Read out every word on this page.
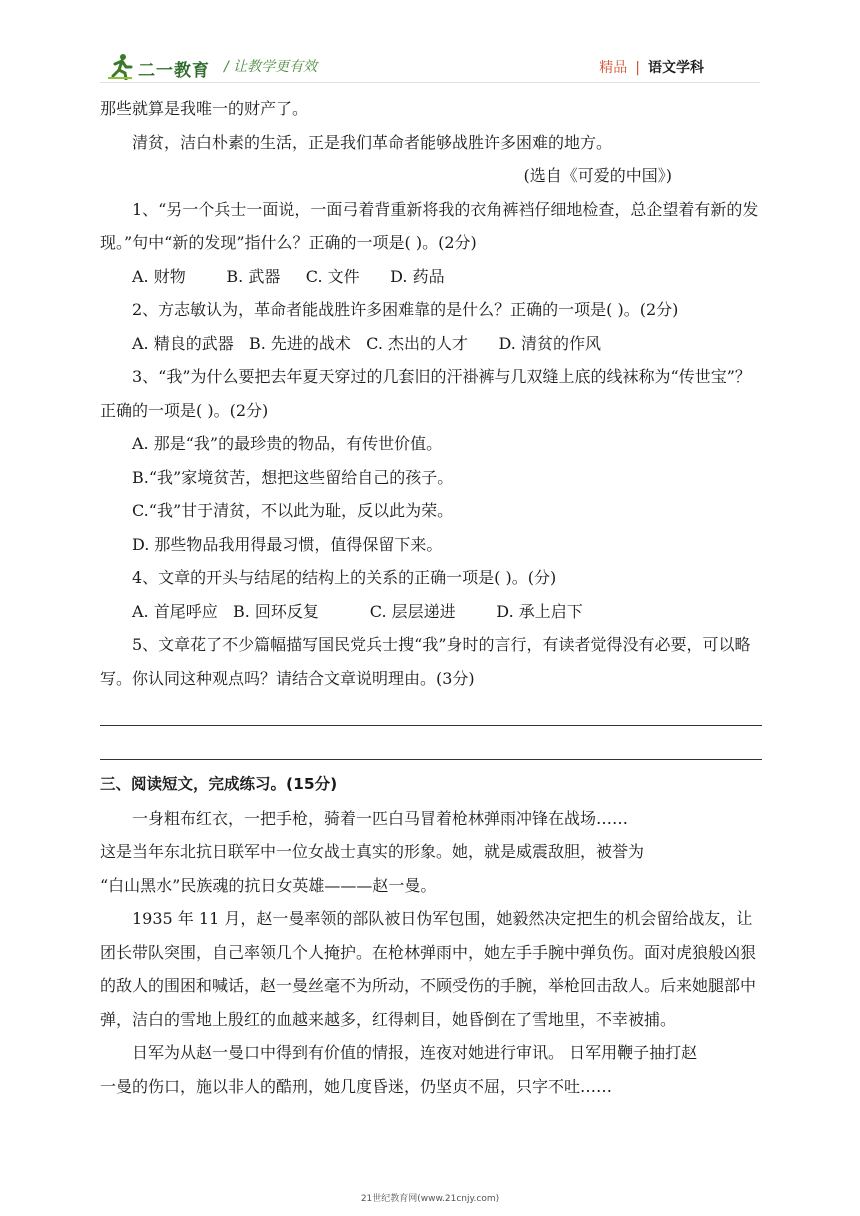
二一教育 / 让教学更有效	精品 | 语文学科

那些就算是我唯一的财产了。

清贫，洁白朴素的生活，正是我们革命者能够战胜许多困难的地方。

(选自《可爱的中国》)

1、“另一个兵士一面说，一面弓着背重新将我的衣角裤裆仔细地检查，总企望着有新的发现。”句中“新的发现”指什么？正确的一项是( )。(2分)

A. 财物        B. 武器     C. 文件      D. 药品

2、方志敏认为，革命者能战胜许多困难靠的是什么？正确的一项是( )。(2分)

A. 精良的武器   B. 先进的战术   C. 杰出的人才      D. 清贫的作风

3、“我”为什么要把去年夏天穿过的几套旧的汗褂裤与几双缝上底的线袜称为“传世宝”？正确的一项是( )。(2分)

A. 那是“我”的最珍贵的物品，有传世价值。

B.“我”家境贫苦，想把这些留给自己的孩子。

C.“我”甘于清贫，不以此为耻，反以此为荣。

D. 那些物品我用得最习惯，值得保留下来。

4、文章的开头与结尾的结构上的关系的正确一项是( )。(分)

A. 首尾呼应   B. 回环反复          C. 层层递进        D. 承上启下

5、文章花了不少篇幅描写国民党兵士搜“我”身时的言行，有读者觉得没有必要，可以略写。你认同这种观点吗？请结合文章说明理由。(3分)

三、阅读短文，完成练习。(15分)

一身粗布红衣，一把手枪，骑着一匹白马冒着枪林弹雨冲锋在战场……

这是当年东北抗日联军中一位女战士真实的形象。她，就是威震敌胆，被誉为

“白山黑水”民族魂的抗日女英雄———赵一曼。

1935 年 11 月，赵一曼率领的部队被日伪军包围，她毅然决定把生的机会留给战友，让团长带队突围，自己率领几个人掩护。在枪林弹雨中，她左手手腕中弹负伤。面对虎狼般凶狠的敌人的围困和喊话，赵一曼丝毫不为所动，不顾受伤的手腕，举枪回击敌人。后来她腿部中弹，洁白的雪地上殷红的血越来越多，红得刺目，她昏倒在了雪地里，不幸被捕。

日军为从赵一曼口中得到有价值的情报，连夜对她进行审讯。 日军用鞭子抽打赵

一曼的伤口，施以非人的酷刑，她几度昏迷，仍坚贞不屈，只字不吐……

21世纪教育网(www.21cnjy.com)
